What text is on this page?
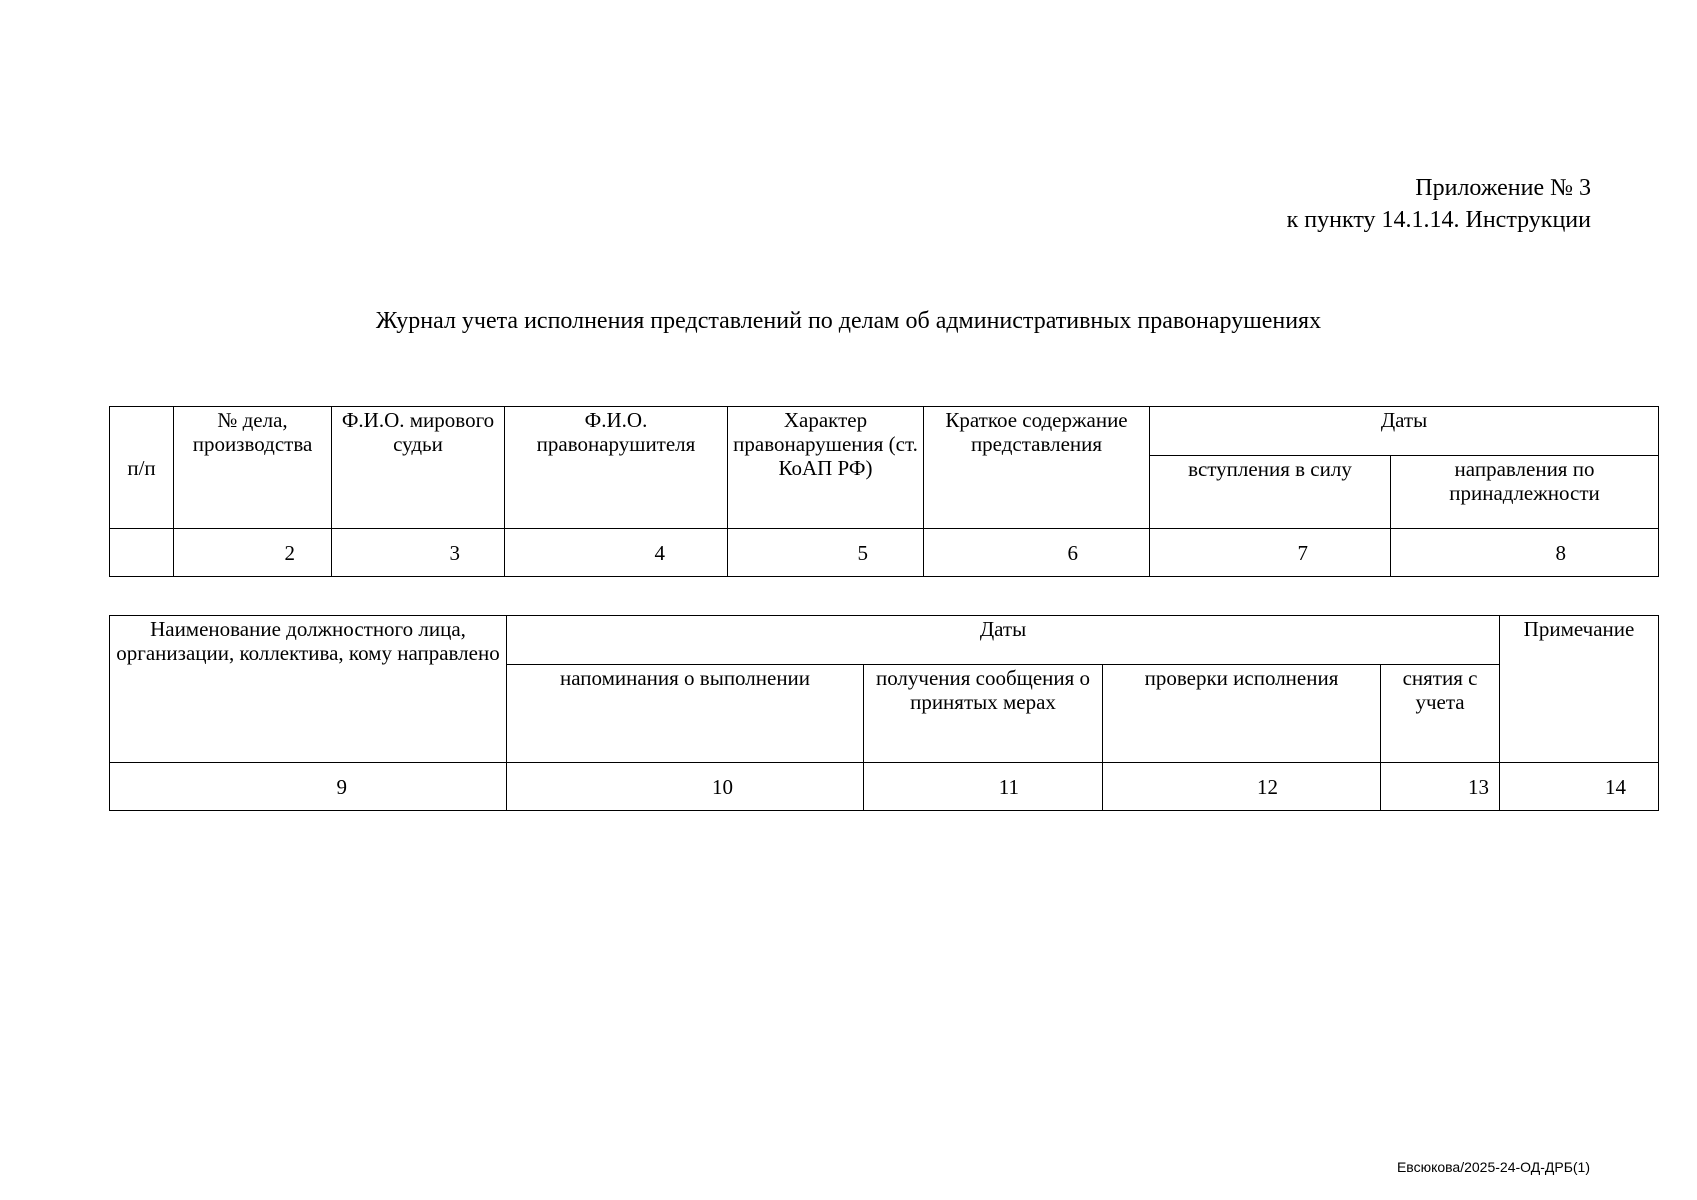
Приложение № 3
к пункту 14.1.14. Инструкции
Журнал учета исполнения представлений по делам об административных правонарушениях
п/п	№ дела, производства	Ф.И.О. мирового судьи	Ф.И.О. правонарушителя	Характер правонарушения (ст. КоАП РФ)	Краткое содержание представления	Даты	
						вступления в силу	направления по принадлежности
	2	3	4	5	6	7	8
Наименование должностного лица, организации, коллектива, кому направлено	Даты				Примечание
	напоминания о выполнении	получения сообщения о принятых мерах	проверки исполнения	снятия с учета	
9	10	11	12	13	14
Евсюкова/2025-24-ОД-ДРБ(1)
